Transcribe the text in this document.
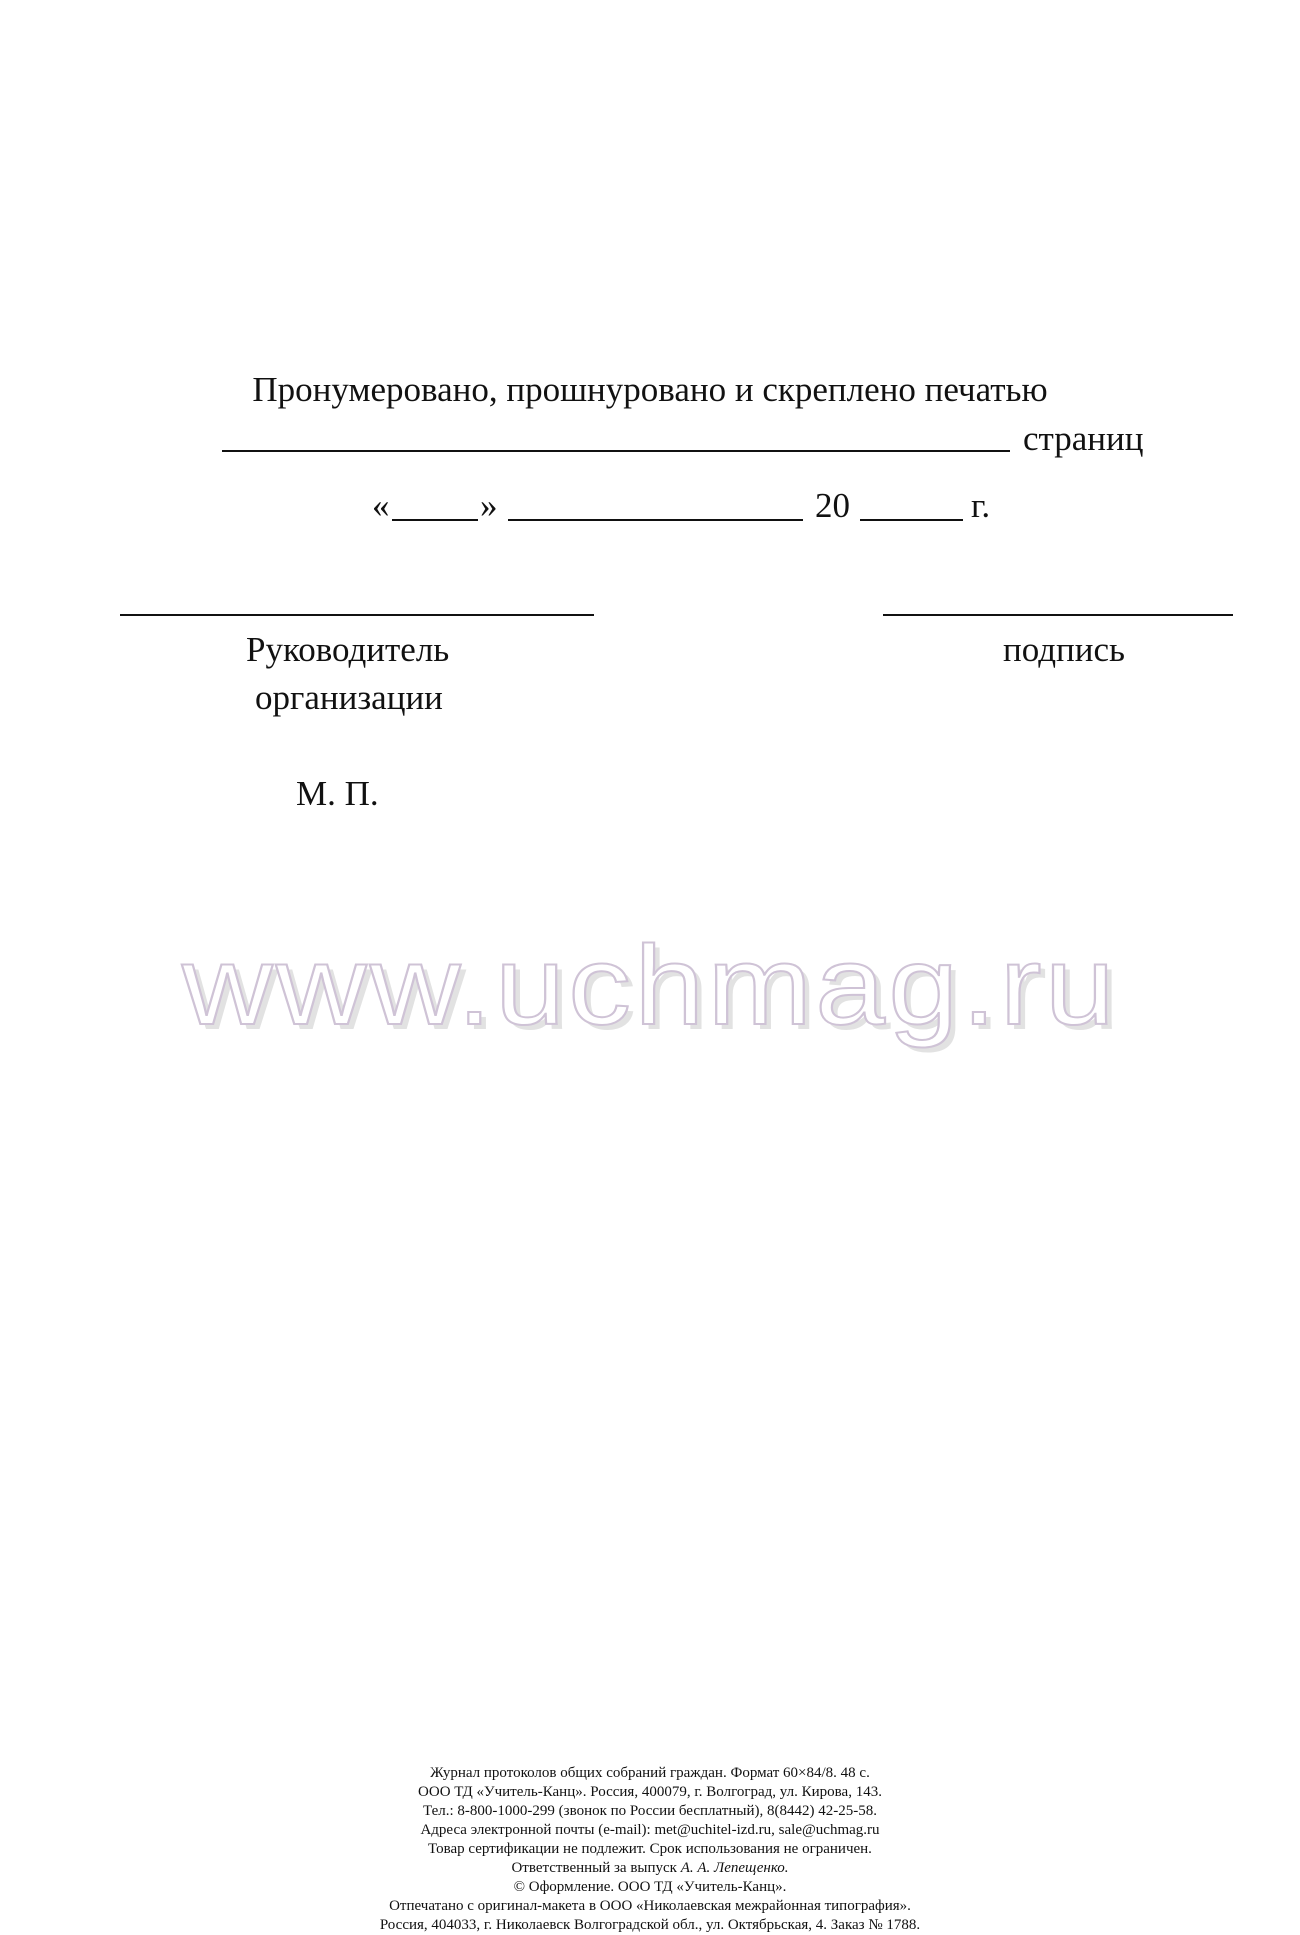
Пронумеровано, прошнуровано и скреплено печатью
страниц
«	»	20	г.
Руководитель
организации
подпись
М. П.
www.uchmag.ru
Журнал протоколов общих собраний граждан. Формат 60×84/8. 48 с.
ООО ТД «Учитель-Канц». Россия, 400079, г. Волгоград, ул. Кирова, 143.
Тел.: 8-800-1000-299 (звонок по России бесплатный), 8(8442) 42-25-58.
Адреса электронной почты (e-mail): met@uchitel-izd.ru, sale@uchmag.ru
Товар сертификации не подлежит. Срок использования не ограничен.
Ответственный за выпуск А. А. Лепещенко.
© Оформление. ООО ТД «Учитель-Канц».
Отпечатано с оригинал-макета в ООО «Николаевская межрайонная типография».
Россия, 404033, г. Николаевск Волгоградской обл., ул. Октябрьская, 4. Заказ № 1788.
